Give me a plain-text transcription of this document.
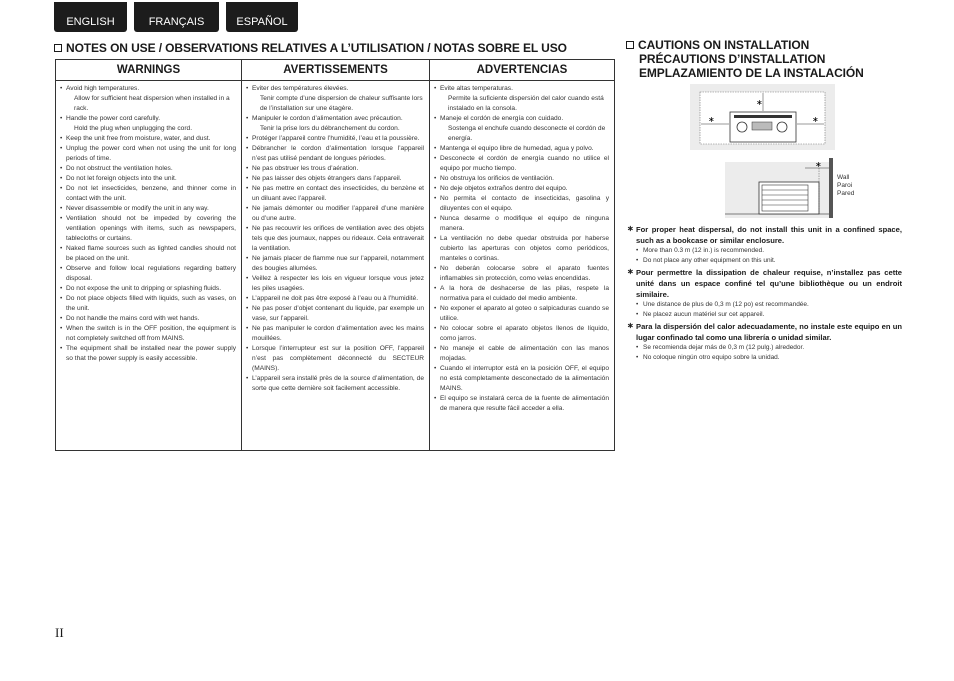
ENGLISH	FRANÇAIS	ESPAÑOL
NOTES ON USE / OBSERVATIONS RELATIVES A L’UTILISATION / NOTAS SOBRE EL USO
WARNINGS
• Avoid high temperatures.
Allow for sufficient heat dispersion when installed in a rack.
• Handle the power cord carefully.
Hold the plug when unplugging the cord.
• Keep the unit free from moisture, water, and dust.
• Unplug the power cord when not using the unit for long periods of time.
• Do not obstruct the ventilation holes.
• Do not let foreign objects into the unit.
• Do not let insecticides, benzene, and thinner come in contact with the unit.
• Never disassemble or modify the unit in any way.
• Ventilation should not be impeded by covering the ventilation openings with items, such as newspapers, tablecloths or curtains.
• Naked flame sources such as lighted candles should not be placed on the unit.
• Observe and follow local regulations regarding battery disposal.
• Do not expose the unit to dripping or splashing fluids.
• Do not place objects filled with liquids, such as vases, on the unit.
• Do not handle the mains cord with wet hands.
• When the switch is in the OFF position, the equipment is not completely switched off from MAINS.
• The equipment shall be installed near the power supply so that the power supply is easily accessible.
AVERTISSEMENTS
• Eviter des températures élevées.
Tenir compte d’une dispersion de chaleur suffisante lors de l’installation sur une étagère.
• Manipuler le cordon d’alimentation avec précaution.
Tenir la prise lors du débranchement du cordon.
• Protéger l’appareil contre l’humidité, l’eau et la poussière.
• Débrancher le cordon d’alimentation lorsque l’appareil n’est pas utilisé pendant de longues périodes.
• Ne pas obstruer les trous d’aération.
• Ne pas laisser des objets étrangers dans l’appareil.
• Ne pas mettre en contact des insecticides, du benzène et un diluant avec l’appareil.
• Ne jamais démonter ou modifier l’appareil d’une manière ou d’une autre.
• Ne pas recouvrir les orifices de ventilation avec des objets tels que des journaux, nappes ou rideaux. Cela entraverait la ventilation.
• Ne jamais placer de flamme nue sur l’appareil, notamment des bougies allumées.
• Veillez à respecter les lois en vigueur lorsque vous jetez les piles usagées.
• L’appareil ne doit pas être exposé à l’eau ou à l’humidité.
• Ne pas poser d’objet contenant du liquide, par exemple un vase, sur l’appareil.
• Ne pas manipuler le cordon d’alimentation avec les mains mouillées.
• Lorsque l’interrupteur est sur la position OFF, l’appareil n’est pas complètement déconnecté du SECTEUR (MAINS).
• L’appareil sera installé près de la source d’alimentation, de sorte que cette dernière soit facilement accessible.
ADVERTENCIAS
• Evite altas temperaturas.
Permite la suficiente dispersión del calor cuando está instalado en la consola.
• Maneje el cordón de energía con cuidado.
Sostenga el enchufe cuando desconecte el cordón de energía.
• Mantenga el equipo libre de humedad, agua y polvo.
• Desconecte el cordón de energía cuando no utilice el equipo por mucho tiempo.
• No obstruya los orificios de ventilación.
• No deje objetos extraños dentro del equipo.
• No permita el contacto de insecticidas, gasolina y diluyentes con el equipo.
• Nunca desarme o modifique el equipo de ninguna manera.
• La ventilación no debe quedar obstruida por haberse cubierto las aperturas con objetos como periódicos, manteles o cortinas.
• No deberán colocarse sobre el aparato fuentes inflamables sin protección, como velas encendidas.
• A la hora de deshacerse de las pilas, respete la normativa para el cuidado del medio ambiente.
• No exponer el aparato al goteo o salpicaduras cuando se utilice.
• No colocar sobre el aparato objetos llenos de líquido, como jarros.
• No maneje el cable de alimentación con las manos mojadas.
• Cuando el interruptor está en la posición OFF, el equipo no está completamente desconectado de la alimentación MAINS.
• El equipo se instalará cerca de la fuente de alimentación de manera que resulte fácil acceder a ella.
CAUTIONS ON INSTALLATION
PRÉCAUTIONS D’INSTALLATION
EMPLAZAMIENTO DE LA INSTALACIÓN
∗
∗	∗
∗
Wall
Paroi
Pared
∗ For proper heat dispersal, do not install this unit in a confined space, such as a bookcase or similar enclosure.
• More than 0.3 m (12 in.) is recommended.
• Do not place any other equipment on this unit.
∗ Pour permettre la dissipation de chaleur requise, n’installez pas cette unité dans un espace confiné tel qu’une bibliothèque ou un endroit similaire.
• Une distance de plus de 0,3 m (12 po) est recommandée.
• Ne placez aucun matériel sur cet appareil.
∗ Para la dispersión del calor adecuadamente, no instale este equipo en un lugar confinado tal como una librería o unidad similar.
• Se recomienda dejar más de 0,3 m (12 pulg.) alrededor.
• No coloque ningún otro equipo sobre la unidad.
II
